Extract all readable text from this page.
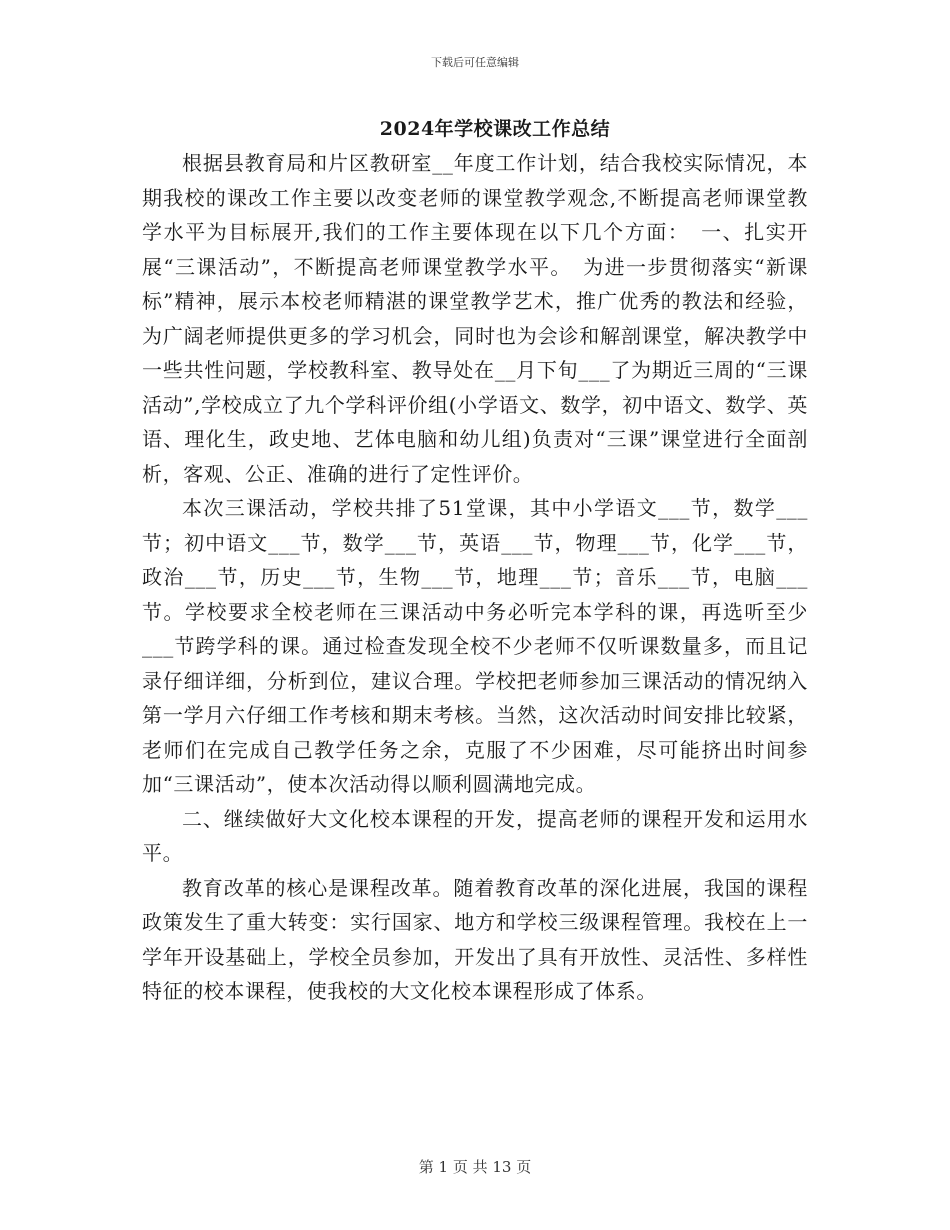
下载后可任意编辑
2024年学校课改工作总结

根据县教育局和片区教研室__年度工作计划，结合我校实际情况，本期我校的课改工作主要以改变老师的课堂教学观念,不断提高老师课堂教学水平为目标展开,我们的工作主要体现在以下几个方面：　一、扎实开展“三课活动”，不断提高老师课堂教学水平。　为进一步贯彻落实“新课标”精神，展示本校老师精湛的课堂教学艺术，推广优秀的教法和经验，为广阔老师提供更多的学习机会，同时也为会诊和解剖课堂，解决教学中一些共性问题，学校教科室、教导处在__月下旬___了为期近三周的“三课活动”,学校成立了九个学科评价组(小学语文、数学，初中语文、数学、英语、理化生，政史地、艺体电脑和幼儿组)负责对“三课”课堂进行全面剖析，客观、公正、准确的进行了定性评价。

本次三课活动，学校共排了51堂课，其中小学语文___节，数学___节；初中语文___节，数学___节，英语___节，物理___节，化学___节，政治___节，历史___节，生物___节，地理___节；音乐___节，电脑___节。学校要求全校老师在三课活动中务必听完本学科的课，再选听至少___节跨学科的课。通过检查发现全校不少老师不仅听课数量多，而且记录仔细详细，分析到位，建议合理。学校把老师参加三课活动的情况纳入第一学月六仔细工作考核和期末考核。当然，这次活动时间安排比较紧，老师们在完成自己教学任务之余，克服了不少困难，尽可能挤出时间参加“三课活动”，使本次活动得以顺利圆满地完成。

二、继续做好大文化校本课程的开发，提高老师的课程开发和运用水平。

教育改革的核心是课程改革。随着教育改革的深化进展，我国的课程政策发生了重大转变：实行国家、地方和学校三级课程管理。我校在上一学年开设基础上，学校全员参加，开发出了具有开放性、灵活性、多样性特征的校本课程，使我校的大文化校本课程形成了体系。

第 1 页 共 13 页
